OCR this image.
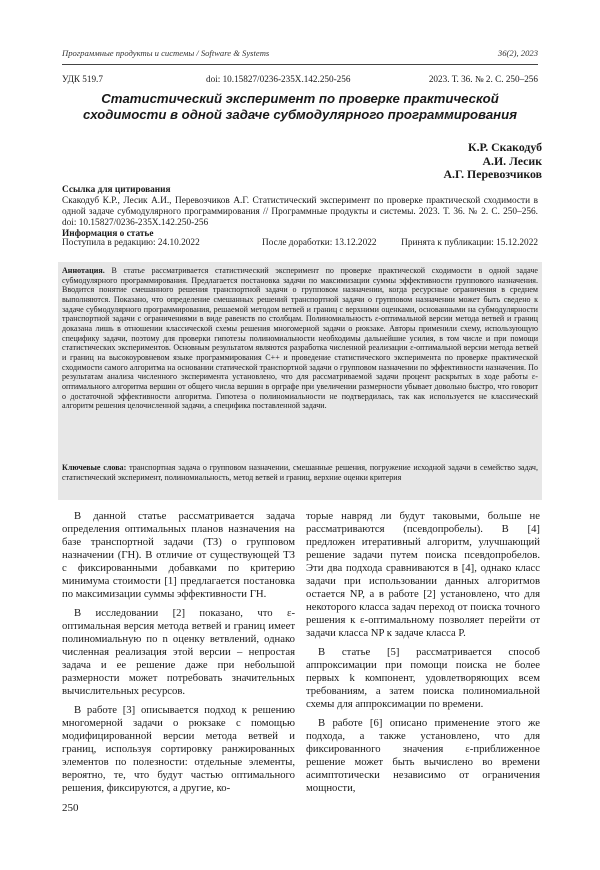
Программные продукты и системы / Software & Systems	36(2), 2023
УДК 519.7	doi: 10.15827/0236-235X.142.250-256	2023. Т. 36. № 2. С. 250–256
Статистический эксперимент по проверке практической сходимости в одной задаче субмодулярного программирования
К.Р. Скакодуб
А.И. Лесик
А.Г. Перевозчиков
Ссылка для цитирования
Скакодуб К.Р., Лесик А.И., Перевозчиков А.Г. Статистический эксперимент по проверке практической сходимости в одной задаче субмодулярного программирования // Программные продукты и системы. 2023. Т. 36. № 2. С. 250–256. doi: 10.15827/0236-235X.142.250-256
Информация о статье
Поступила в редакцию: 24.10.2022	После доработки: 13.12.2022	Принята к публикации: 15.12.2022
Аннотация. В статье рассматривается статистический эксперимент по проверке практической сходимости в одной задаче субмодулярного программирования. Предлагается постановка задачи по максимизации суммы эффективности группового назначения. Вводится понятие смешанного решения транспортной задачи о групповом назначении, когда ресурсные ограничения в среднем выполняются. Показано, что определение смешанных решений транспортной задачи о групповом назначении может быть сведено к задаче субмодулярного программирования, решаемой методом ветвей и границ с верхними оценками, основанными на субмодулярности транспортной задачи с ограничениями в виде равенств по столбцам. Полиномиальность ε-оптимальной версии метода ветвей и границ доказана лишь в отношении классической схемы решения многомерной задачи о рюкзаке. Авторы применили схему, использующую специфику задачи, поэтому для проверки гипотезы полиномиальности необходимы дальнейшие усилия, в том числе и при помощи статистических экспериментов. Основным результатом являются разработка численной реализации ε-оптимальной версии метода ветвей и границ на высокоуровневом языке программирования С++ и проведение статистического эксперимента по проверке практической сходимости самого алгоритма на основании статической транспортной задачи о групповом назначении по эффективности назначения. По результатам анализа численного эксперимента установлено, что для рассматриваемой задачи процент раскрытых в ходе работы ε-оптимального алгоритма вершин от общего числа вершин в орграфе при увеличении размерности убывает довольно быстро, что говорит о достаточной эффективности алгоритма. Гипотеза о полиномиальности не подтвердилась, так как используется не классический алгоритм решения целочисленной задачи, а специфика поставленной задачи.
Ключевые слова: транспортная задача о групповом назначении, смешанные решения, погружение исходной задачи в семейство задач, статистический эксперимент, полиномиальность, метод ветвей и границ, верхние оценки критерия

В данной статье рассматривается задача определения оптимальных планов назначения на базе транспортной задачи (ТЗ) о групповом назначении (ГН). В отличие от существующей ТЗ с фиксированными добавками по критерию минимума стоимости [1] предлагается постановка по максимизации суммы эффективности ГН.

В исследовании [2] показано, что ε-оптимальная версия метода ветвей и границ имеет полиномиальную по n оценку ветвлений, однако численная реализация этой версии – непростая задача и ее решение даже при небольшой размерности может потребовать значительных вычислительных ресурсов.

В работе [3] описывается подход к решению многомерной задачи о рюкзаке с помощью модифицированной версии метода ветвей и границ, используя сортировку ранжированных элементов по полезности: отдельные элементы, вероятно, те, что будут частью оптимального решения, фиксируются, а другие, ко-

торые навряд ли будут таковыми, больше не рассматриваются (псевдопробелы). В [4] предложен итеративный алгоритм, улучшающий решение задачи путем поиска псевдопробелов. Эти два подхода сравниваются в [4], однако класс задачи при использовании данных алгоритмов остается NP, а в работе [2] установлено, что для некоторого класса задач переход от поиска точного решения к ε-оптимальному позволяет перейти от задачи класса NP к задаче класса P.

В статье [5] рассматривается способ аппроксимации при помощи поиска не более первых k компонент, удовлетворяющих всем требованиям, а затем поиска полиномиальной схемы для аппроксимации по времени.

В работе [6] описано применение этого же подхода, а также установлено, что для фиксированного значения ε-приближенное решение может быть вычислено во времени асимптотически независимо от ограничения мощности,

250
